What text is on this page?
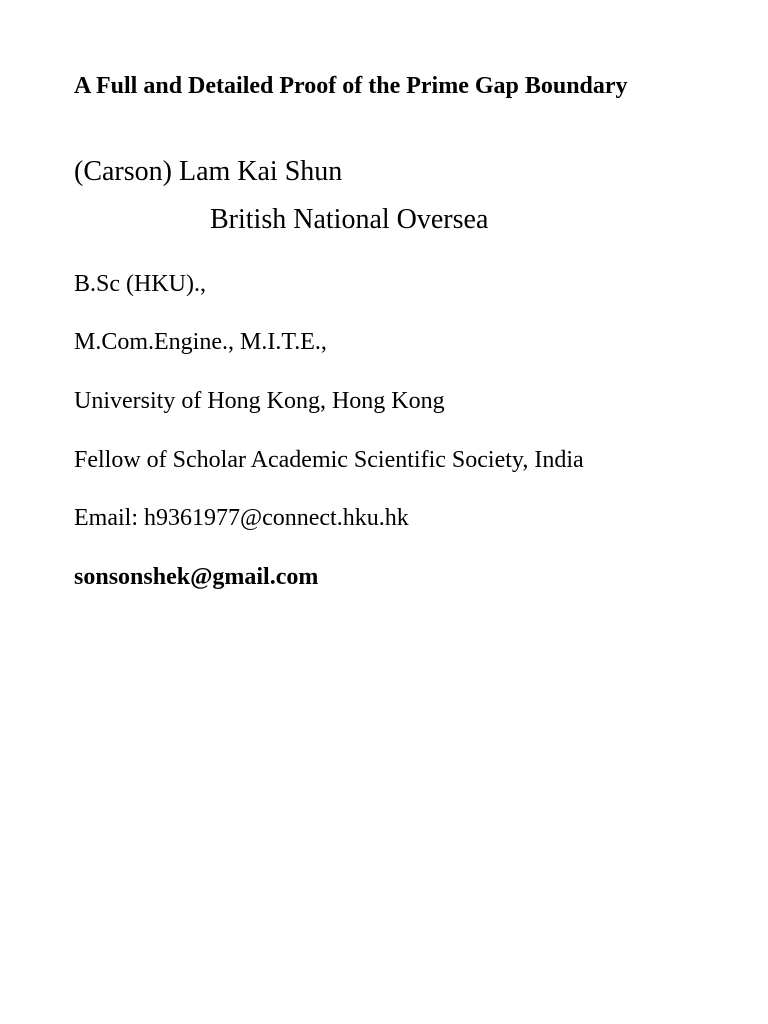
A Full and Detailed Proof of the Prime Gap Boundary

(Carson) Lam Kai Shun

British National Oversea

B.Sc (HKU).,

M.Com.Engine., M.I.T.E.,

University of Hong Kong, Hong Kong

Fellow of Scholar Academic Scientific Society, India

Email: h9361977@connect.hku.hk

sonsonshek@gmail.com
